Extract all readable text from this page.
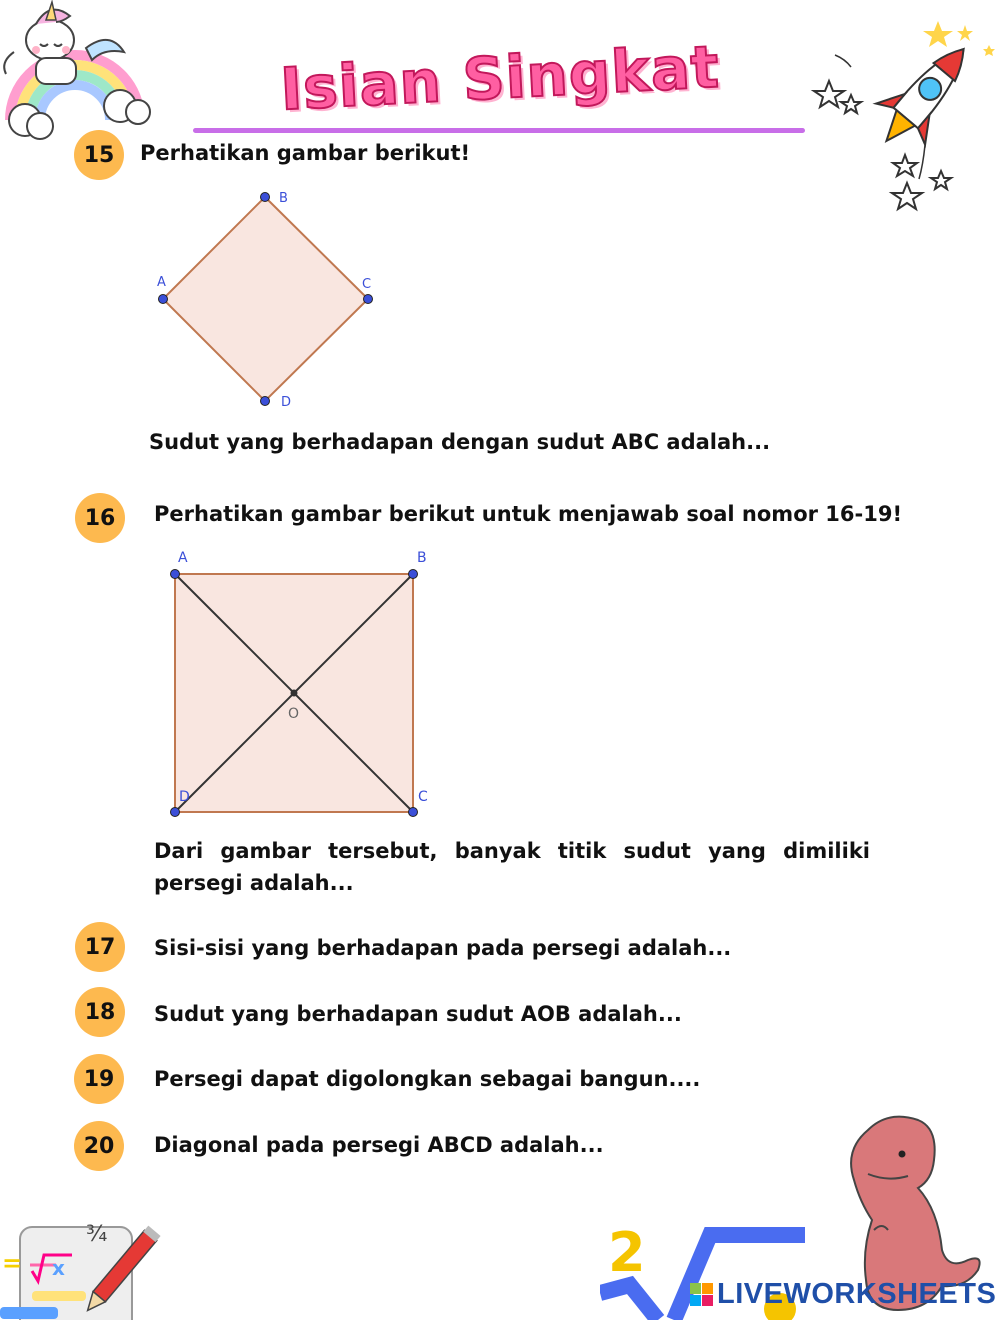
Isian Singkat
15	Perhatikan gambar berikut!
B
A	C
D
Sudut yang berhadapan dengan sudut ABC adalah...
16	Perhatikan gambar berikut untuk menjawab soal nomor 16-19!
A	B
C
D
O
Dari gambar tersebut, banyak titik sudut yang dimiliki persegi adalah...
17	Sisi-sisi yang berhadapan pada persegi adalah...
18	Sudut yang berhadapan sudut AOB adalah...
19	Persegi dapat digolongkan sebagai bangun....
20	Diagonal pada persegi ABCD adalah...
¾
= x	2
LIVEWORKSHEETS
